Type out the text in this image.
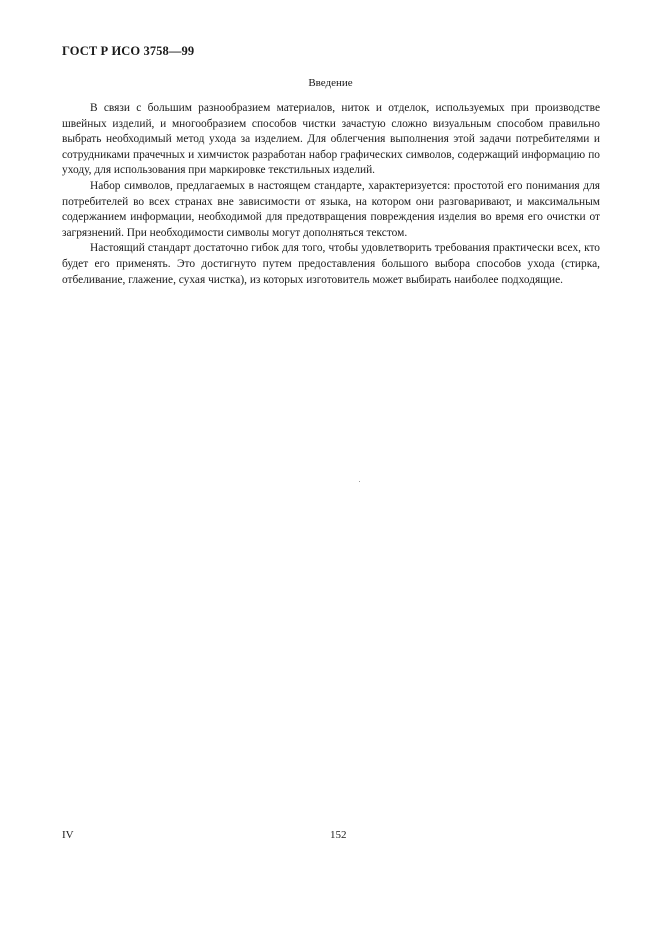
ГОСТ Р ИСО 3758—99
Введение

В связи с большим разнообразием материалов, ниток и отделок, используемых при производстве швейных изделий, и многообразием способов чистки зачастую сложно визуальным способом правильно выбрать необходимый метод ухода за изделием. Для облегчения выполнения этой задачи потребителями и сотрудниками прачечных и химчисток разработан набор графических символов, содержащий информацию по уходу, для использования при маркировке текстильных изделий.

Набор символов, предлагаемых в настоящем стандарте, характеризуется: простотой его понимания для потребителей во всех странах вне зависимости от языка, на котором они разговаривают, и максимальным содержанием информации, необходимой для предотвращения повреждения изделия во время его очистки от загрязнений. При необходимости символы могут дополняться текстом.

Настоящий стандарт достаточно гибок для того, чтобы удовлетворить требования практически всех, кто будет его применять. Это достигнуто путем предоставления большого выбора способов ухода (стирка, отбеливание, глажение, сухая чистка), из которых изготовитель может выбирать наиболее подходящие.

IV	152
